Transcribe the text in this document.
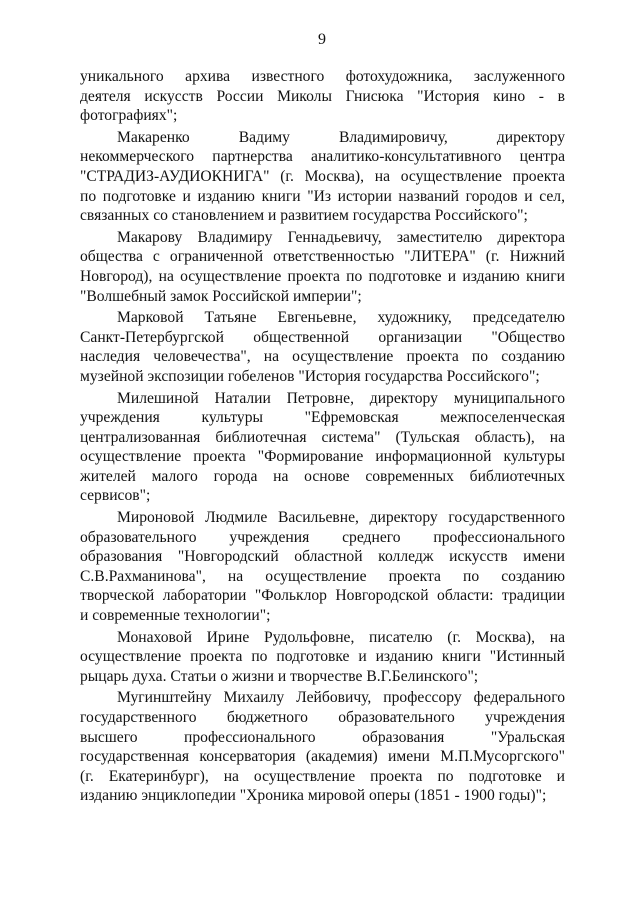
9
уникального архива известного фотохудожника, заслуженного
деятеля искусств России Миколы Гнисюка "История кино - в
фотографиях";
Макаренко Вадиму Владимировичу, директору
некоммерческого партнерства аналитико-консультативного центра
"СТРАДИЗ-АУДИОКНИГА" (г. Москва), на осуществление проекта
по подготовке и изданию книги "Из истории названий городов и сел,
связанных со становлением и развитием государства Российского";
Макарову Владимиру Геннадьевичу, заместителю директора
общества с ограниченной ответственностью "ЛИТЕРА" (г. Нижний
Новгород), на осуществление проекта по подготовке и изданию книги
"Волшебный замок Российской империи";
Марковой Татьяне Евгеньевне, художнику, председателю
Санкт-Петербургской общественной организации "Общество
наследия человечества", на осуществление проекта по созданию
музейной экспозиции гобеленов "История государства Российского";
Милешиной Наталии Петровне, директору муниципального
учреждения культуры "Ефремовская межпоселенческая
централизованная библиотечная система" (Тульская область), на
осуществление проекта "Формирование информационной культуры
жителей малого города на основе современных библиотечных
сервисов";
Мироновой Людмиле Васильевне, директору государственного
образовательного учреждения среднего профессионального
образования "Новгородский областной колледж искусств имени
С.В.Рахманинова", на осуществление проекта по созданию
творческой лаборатории "Фольклор Новгородской области: традиции
и современные технологии";
Монаховой Ирине Рудольфовне, писателю (г. Москва), на
осуществление проекта по подготовке и изданию книги "Истинный
рыцарь духа. Статьи о жизни и творчестве В.Г.Белинского";
Мугинштейну Михаилу Лейбовичу, профессору федерального
государственного бюджетного образовательного учреждения
высшего профессионального образования "Уральская
государственная консерватория (академия) имени М.П.Мусоргского"
(г. Екатеринбург), на осуществление проекта по подготовке и
изданию энциклопедии "Хроника мировой оперы (1851 - 1900 годы)";
